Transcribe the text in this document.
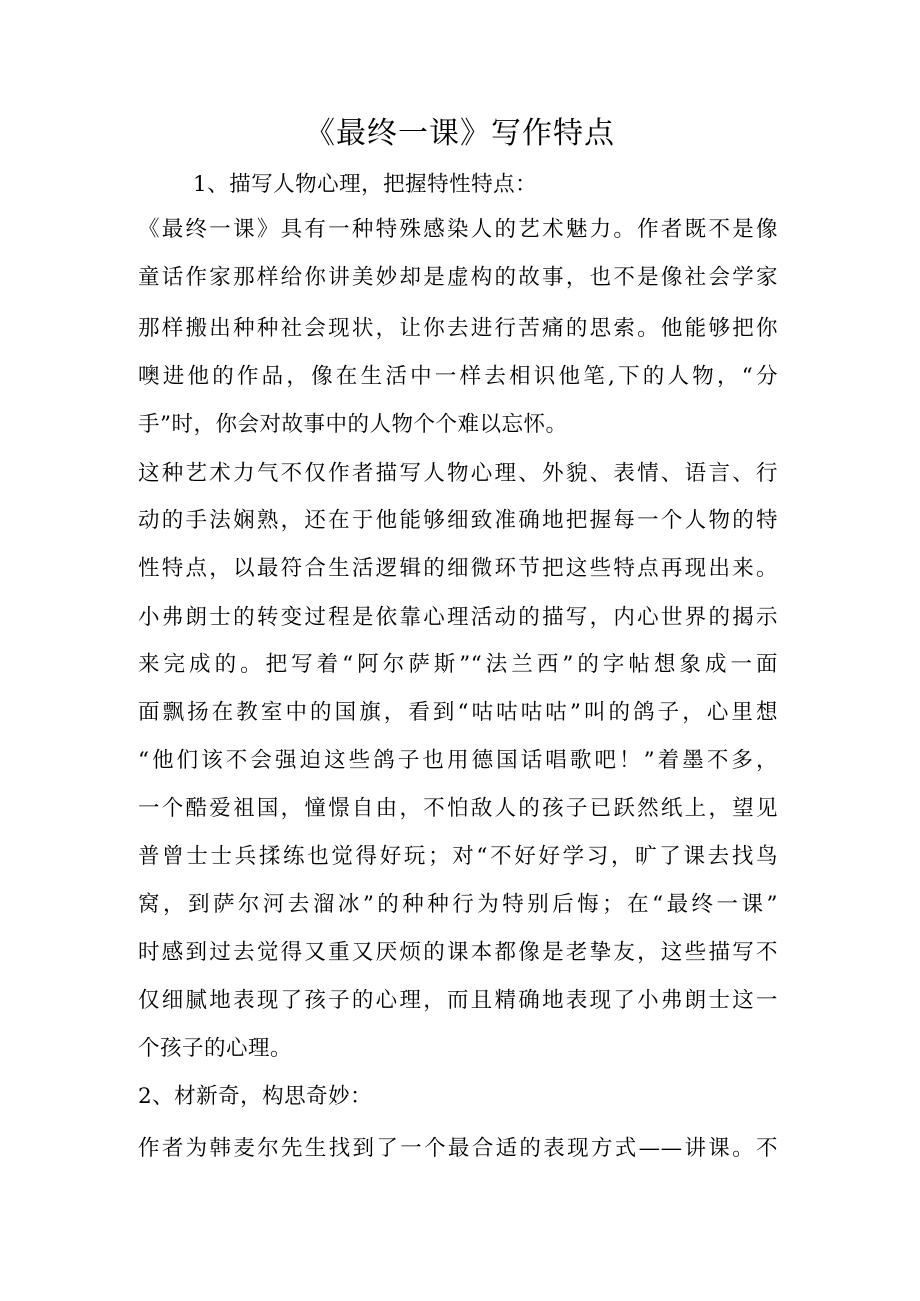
《最终一课》写作特点
1、描写人物心理，把握特性特点：
《最终一课》具有一种特殊感染人的艺术魅力。作者既不是像
童话作家那样给你讲美妙却是虚构的故事，也不是像社会学家
那样搬出种种社会现状，让你去进行苦痛的思索。他能够把你
噢进他的作品，像在生活中一样去相识他笔,下的人物，“分
手”时，你会对故事中的人物个个难以忘怀。
这种艺术力气不仅作者描写人物心理、外貌、表情、语言、行
动的手法娴熟，还在于他能够细致准确地把握每一个人物的特
性特点，以最符合生活逻辑的细微环节把这些特点再现出来。
小弗朗士的转变过程是依靠心理活动的描写，内心世界的揭示
来完成的。把写着“阿尔萨斯”“法兰西”的字帖想象成一面
面飘扬在教室中的国旗，看到“咕咕咕咕”叫的鸽子，心里想
“他们该不会强迫这些鸽子也用德国话唱歌吧！”着墨不多，
一个酷爱祖国，憧憬自由，不怕敌人的孩子已跃然纸上，望见
普曾士士兵揉练也觉得好玩；对“不好好学习，旷了课去找鸟
窝，到萨尔河去溜冰”的种种行为特别后悔；在“最终一课”
时感到过去觉得又重又厌烦的课本都像是老挚友，这些描写不
仅细腻地表现了孩子的心理，而且精确地表现了小弗朗士这一
个孩子的心理。
2、材新奇，构思奇妙：
作者为韩麦尔先生找到了一个最合适的表现方式——讲课。不
